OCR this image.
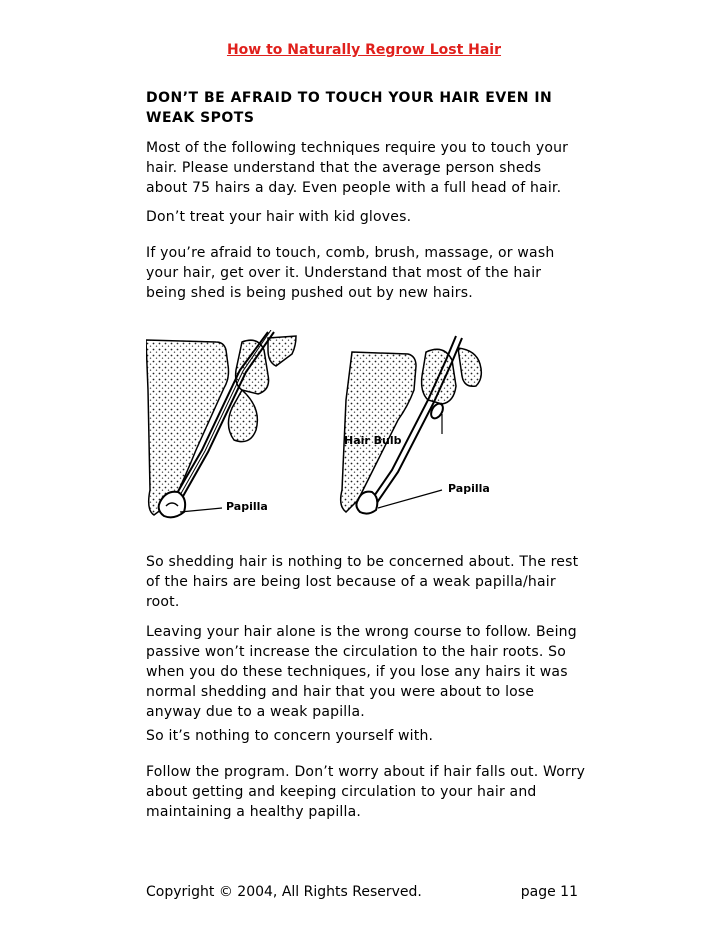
How to Naturally Regrow Lost Hair
DON’T BE AFRAID TO TOUCH YOUR HAIR EVEN IN WEAK SPOTS
Most of the following techniques require you to touch your hair. Please understand that the average person sheds about 75 hairs a day. Even people with a full head of hair.
Don’t treat your hair with kid gloves.
If you’re afraid to touch, comb, brush, massage, or wash your hair, get over it. Understand that most of the hair being shed is being pushed out by new hairs.
Papilla
Hair Bulb
Papilla
So shedding hair is nothing to be concerned about. The rest of the hairs are being lost because of a weak papilla/hair root.
Leaving your hair alone is the wrong course to follow. Being passive won’t increase the circulation to the hair roots. So when you do these techniques, if you lose any hairs it was normal shedding and hair that you were about to lose anyway due to a weak papilla.
So it’s nothing to concern yourself with.
Follow the program. Don’t worry about if hair falls out. Worry about getting and keeping circulation to your hair and maintaining a healthy papilla.
Copyright © 2004, All Rights Reserved.	page 11
